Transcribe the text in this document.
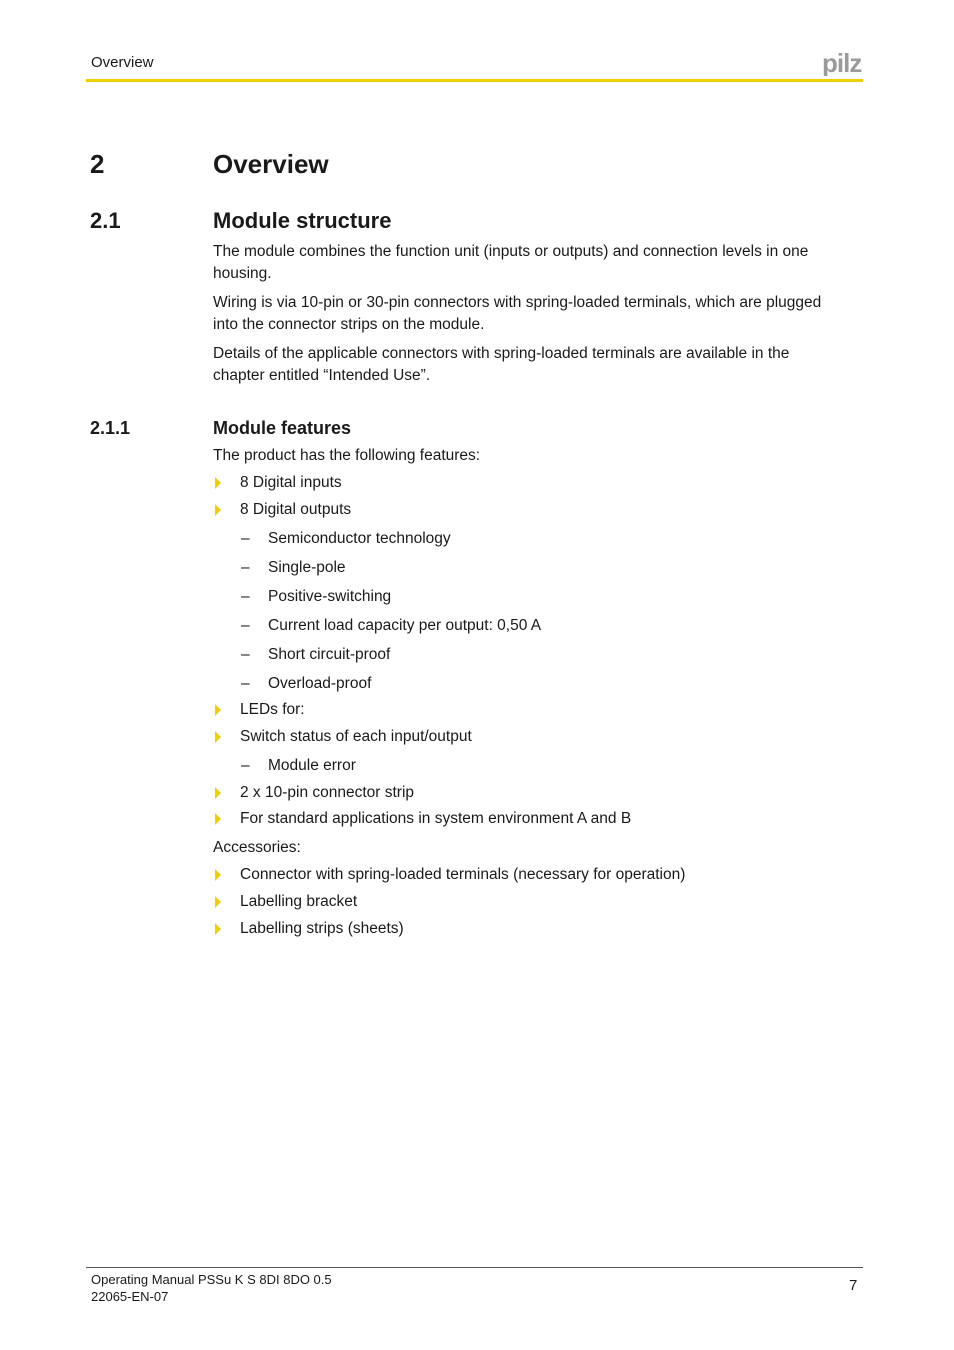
Overview	pilz
2	Overview
2.1	Module structure
The module combines the function unit (inputs or outputs) and connection levels in one
housing.
Wiring is via 10-pin or 30-pin connectors with spring-loaded terminals, which are plugged
into the connector strips on the module.
Details of the applicable connectors with spring-loaded terminals are available in the
chapter entitled “Intended Use”.
2.1.1	Module features
The product has the following features:
8 Digital inputs
8 Digital outputs
– Semiconductor technology
– Single-pole
– Positive-switching
– Current load capacity per output: 0,50 A
– Short circuit-proof
– Overload-proof
LEDs for:
Switch status of each input/output
– Module error
2 x 10-pin connector strip
For standard applications in system environment A and B
Accessories:
Connector with spring-loaded terminals (necessary for operation)
Labelling bracket
Labelling strips (sheets)
Operating Manual PSSu K S 8DI 8DO 0.5
22065-EN-07
7
